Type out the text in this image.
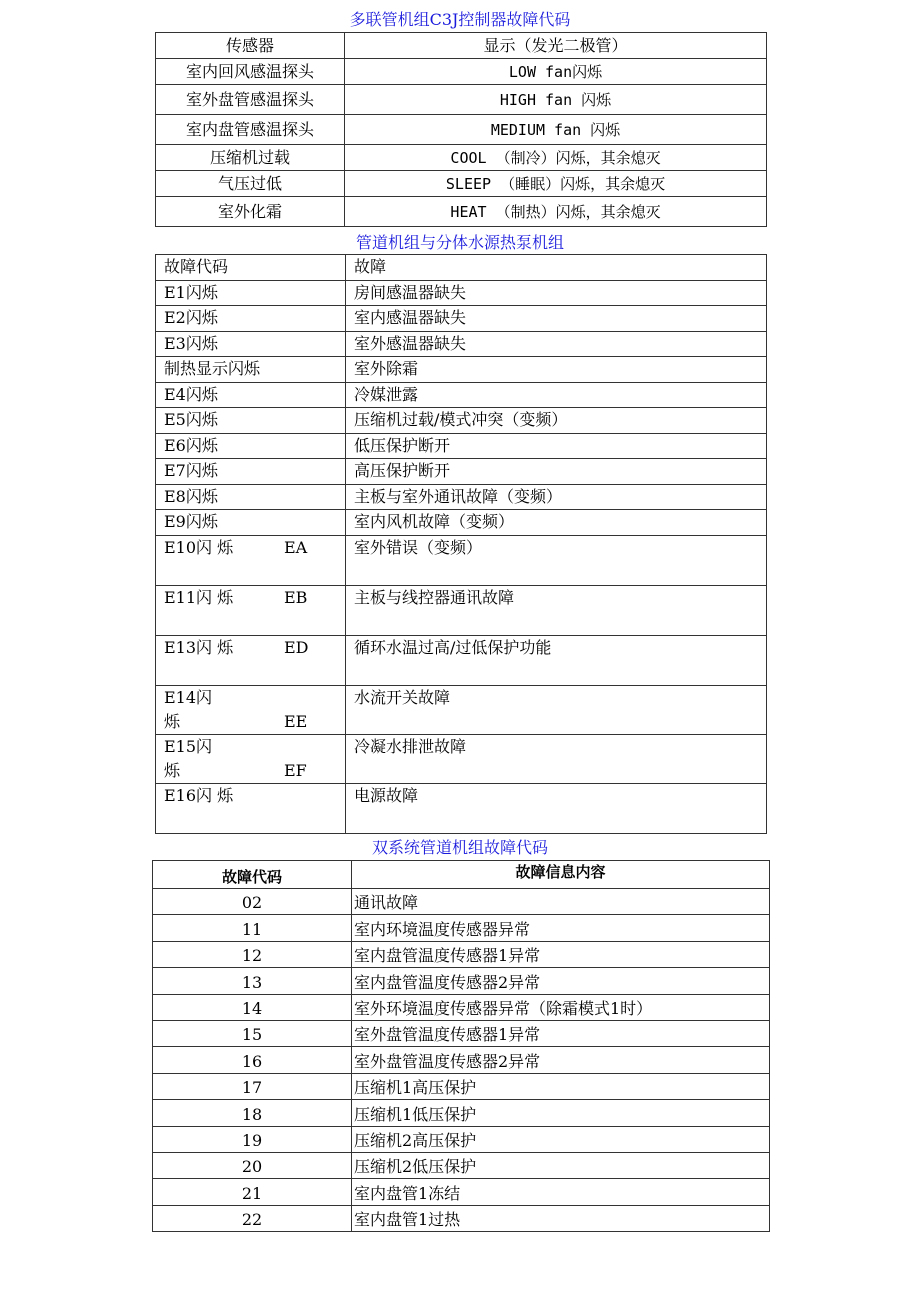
多联管机组C3J控制器故障代码
传感器	显示（发光二极管）
室内回风感温探头	LOW fan闪烁
室外盘管感温探头	HIGH fan 闪烁
室内盘管感温探头	MEDIUM fan 闪烁
压缩机过载	COOL （制冷）闪烁，其余熄灭
气压过低	SLEEP （睡眠）闪烁，其余熄灭
室外化霜	HEAT （制热）闪烁，其余熄灭
管道机组与分体水源热泵机组
故障代码	故障
E1闪烁	房间感温器缺失
E2闪烁	室内感温器缺失
E3闪烁	室外感温器缺失
制热显示闪烁	室外除霜
E4闪烁	冷媒泄露
E5闪烁	压缩机过载/模式冲突（变频）
E6闪烁	低压保护断开
E7闪烁	高压保护断开
E8闪烁	主板与室外通讯故障（变频）
E9闪烁	室内风机故障（变频）

E10闪 烁 EA	室外错误（变频）

E11闪 烁 EB	主板与线控器通讯故障

E13闪 烁 ED	循环水温过高/过低保护功能

E14闪
烁 EE	水流开关故障

E15闪
烁 EF	冷凝水排泄故障

E16闪 烁	电源故障
双系统管道机组故障代码
故障代码	故障信息内容
02	通讯故障
11	室内环境温度传感器异常
12	室内盘管温度传感器1异常
13	室内盘管温度传感器2异常
14	室外环境温度传感器异常（除霜模式1时）
15	室外盘管温度传感器1异常
16	室外盘管温度传感器2异常
17	压缩机1高压保护
18	压缩机1低压保护
19	压缩机2高压保护
20	压缩机2低压保护
21	室内盘管1冻结
22	室内盘管1过热
